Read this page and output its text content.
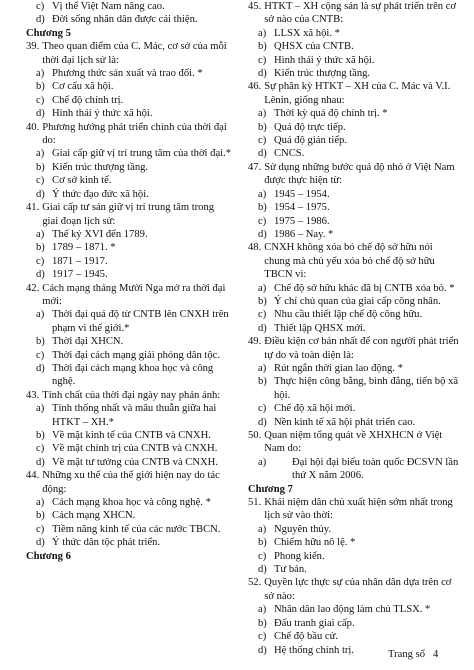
c) Vị thế Việt Nam nâng cao.
d) Đời sống nhân dân được cải thiện.
Chương 5
39. Theo quan điểm của C. Mác, cơ sở của mỗi thời đại lịch sử là:
a) Phương thức sản xuất và trao đổi. *
b) Cơ cấu xã hội.
c) Chế độ chính trị.
d) Hình thái ý thức xã hội.
40. Phương hướng phát triển chính của thời đại do:
a) Giai cấp giữ vị trí trung tâm của thời đại.*
b) Kiến trúc thượng tầng.
c) Cơ sở kinh tế.
d) Ý thức đạo đức xã hội.
41. Giai cấp tư sản giữ vị trí trung tâm trong giai đoạn lịch sử:
a) Thế kỷ XVI đến 1789.
b) 1789 – 1871. *
c) 1871 – 1917.
d) 1917 – 1945.
42. Cách mạng tháng Mười Nga mở ra thời đại mới:
a) Thời đại quá độ từ CNTB lên CNXH trên phạm vi thế giới.*
b) Thời đại XHCN.
c) Thời đại cách mạng giải phóng dân tộc.
d) Thời đại cách mạng khoa học và công nghệ.
43. Tính chất của thời đại ngày nay phản ánh:
a) Tính thống nhất và mâu thuẫn giữa hai HTKT – XH.*
b) Về mặt kinh tế của CNTB và CNXH.
c) Về mặt chính trị của CNTB và CNXH.
d) Về mặt tư tưởng của CNTB và CNXH.
44. Những xu thế của thế giới hiện nay do tác động:
a) Cách mạng khoa học và công nghệ. *
b) Cách mạng XHCN.
c) Tiềm năng kinh tế của các nước TBCN.
d) Ý thức dân tộc phát triển.
Chương 6
45. HTKT – XH cộng sản là sự phát triển trên cơ sở nào của CNTB:
a) LLSX xã hội. *
b) QHSX của CNTB.
c) Hình thái ý thức xã hội.
d) Kiến trúc thượng tầng.
46. Sự phân kỳ HTKT – XH của C. Mác và V.I. Lênin, giống nhau:
a) Thời kỳ quá độ chính trị. *
b) Quá độ trực tiếp.
c) Quá độ gián tiếp.
d) CNCS.
47. Sử dụng những bước quá độ nhỏ ở Việt Nam được thực hiện từ:
a) 1945 – 1954.
b) 1954 – 1975.
c) 1975 – 1986.
d) 1986 – Nay. *
48. CNXH không xóa bỏ chế độ sở hữu nói chung mà chủ yếu xóa bỏ chế độ sở hữu TBCN vì:
a) Chế độ sở hữu khác đã bị CNTB xóa bỏ. *
b) Ý chí chủ quan của giai cấp công nhân.
c) Nhu cầu thiết lập chế độ công hữu.
d) Thiết lập QHSX mới.
49. Điều kiện cơ bản nhất để con người phát triển tự do và toàn diện là:
a) Rút ngắn thời gian lao động. *
b) Thực hiện công bằng, bình đẳng, tiến bộ xã hội.
c) Chế độ xã hội mới.
d) Nền kinh tế xã hội phát triển cao.
50. Quan niệm tổng quát về XHXHCN ở Việt Nam do:
a)	Đại hội đại biểu toàn quốc ĐCSVN lần thứ X năm 2006.
Chương 7
51. Khái niệm dân chủ xuất hiện sớm nhất trong lịch sử vào thời:
a) Nguyên thủy.
b) Chiếm hữu nô lệ. *
c) Phong kiến.
d) Tư bản.
52. Quyền lực thực sự của nhân dân dựa trên cơ sở nào:
a) Nhân dân lao động làm chủ TLSX. *
b) Đấu tranh giai cấp.
c) Chế độ bầu cử.
d) Hệ thống chính trị.	Trang số 4
